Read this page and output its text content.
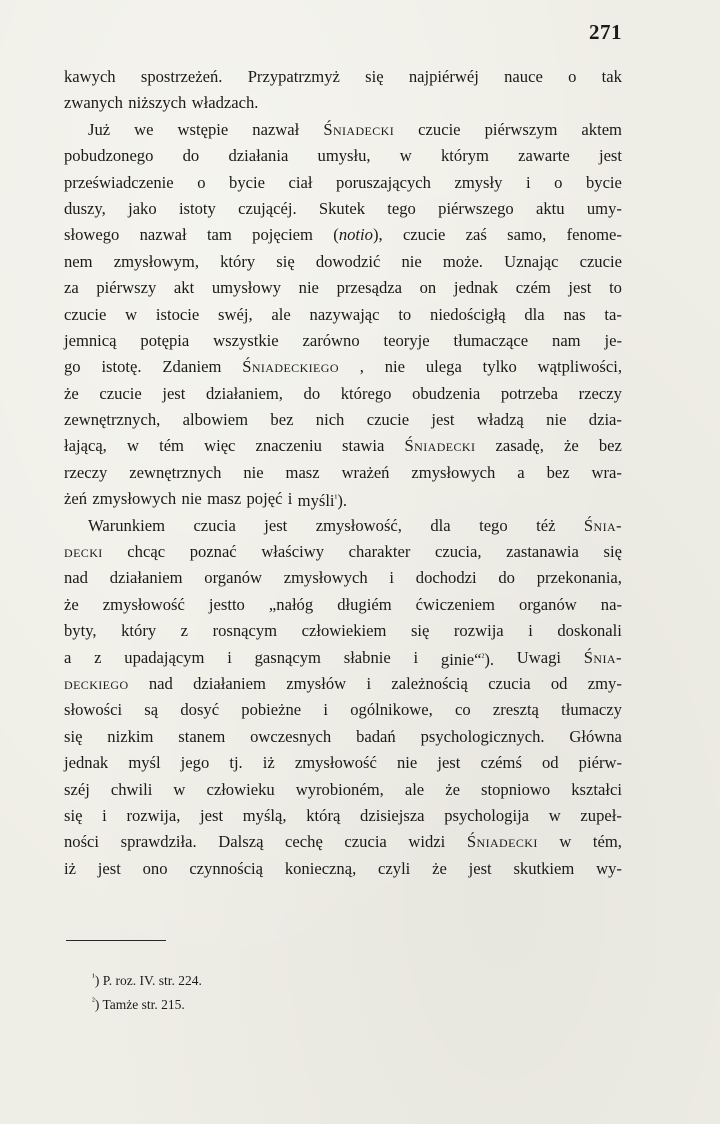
271
kawych spostrzeżeń. Przypatrzmyż się najpiérwéj nauce o tak
zwanych niższych władzach.
Już we wstępie nazwał Śniadecki czucie piérwszym aktem
pobudzonego do działania umysłu, w którym zawarte jest
przeświadczenie o bycie ciał poruszających zmysły i o bycie
duszy, jako istoty czującéj. Skutek tego piérwszego aktu umy-
słowego nazwał tam pojęciem (notio), czucie zaś samo, fenome-
nem zmysłowym, który się dowodzić nie może. Uznając czucie
za piérwszy akt umysłowy nie przesądza on jednak czém jest to
czucie w istocie swéj, ale nazywając to niedościgłą dla nas ta-
jemnicą potępia wszystkie zarówno teoryje tłumaczące nam je-
go istotę. Zdaniem Śniadeckiego , nie ulega tylko wątpliwości,
że czucie jest działaniem, do którego obudzenia potrzeba rzeczy
zewnętrznych, albowiem bez nich czucie jest władzą nie dzia-
łającą, w tém więc znaczeniu stawia Śniadecki zasadę, że bez
rzeczy zewnętrznych nie masz wrażeń zmysłowych a bez wra-
żeń zmysłowych nie masz pojęć i myśli$^{^1}$).
Warunkiem czucia jest zmysłowość, dla tego téż Śnia-
decki chcąc poznać właściwy charakter czucia, zastanawia się
nad działaniem organów zmysłowych i dochodzi do przekonania,
że zmysłowość jestto „nałóg długiém ćwiczeniem organów na-
byty, który z rosnącym człowiekiem się rozwija i doskonali
a z upadającym i gasnącym słabnie i ginie“$^{^2}$). Uwagi Śnia-
deckiego nad działaniem zmysłów i zależnością czucia od zmy-
słowości są dosyć pobieżne i ogólnikowe, co zresztą tłumaczy
się nizkim stanem owczesnych badań psychologicznych. Główna
jednak myśl jego tj. iż zmysłowość nie jest czémś od piérw-
széj chwili w człowieku wyrobioném, ale że stopniowo kształci
się i rozwija, jest myślą, którą dzisiejsza psychologija w zupeł-
ności sprawdziła. Dalszą cechę czucia widzi Śniadecki w tém,
iż jest ono czynnością konieczną, czyli że jest skutkiem wy-
$^{^1}$) P. roz. IV. str. 224.
$^{^2}$) Tamże str. 215.
